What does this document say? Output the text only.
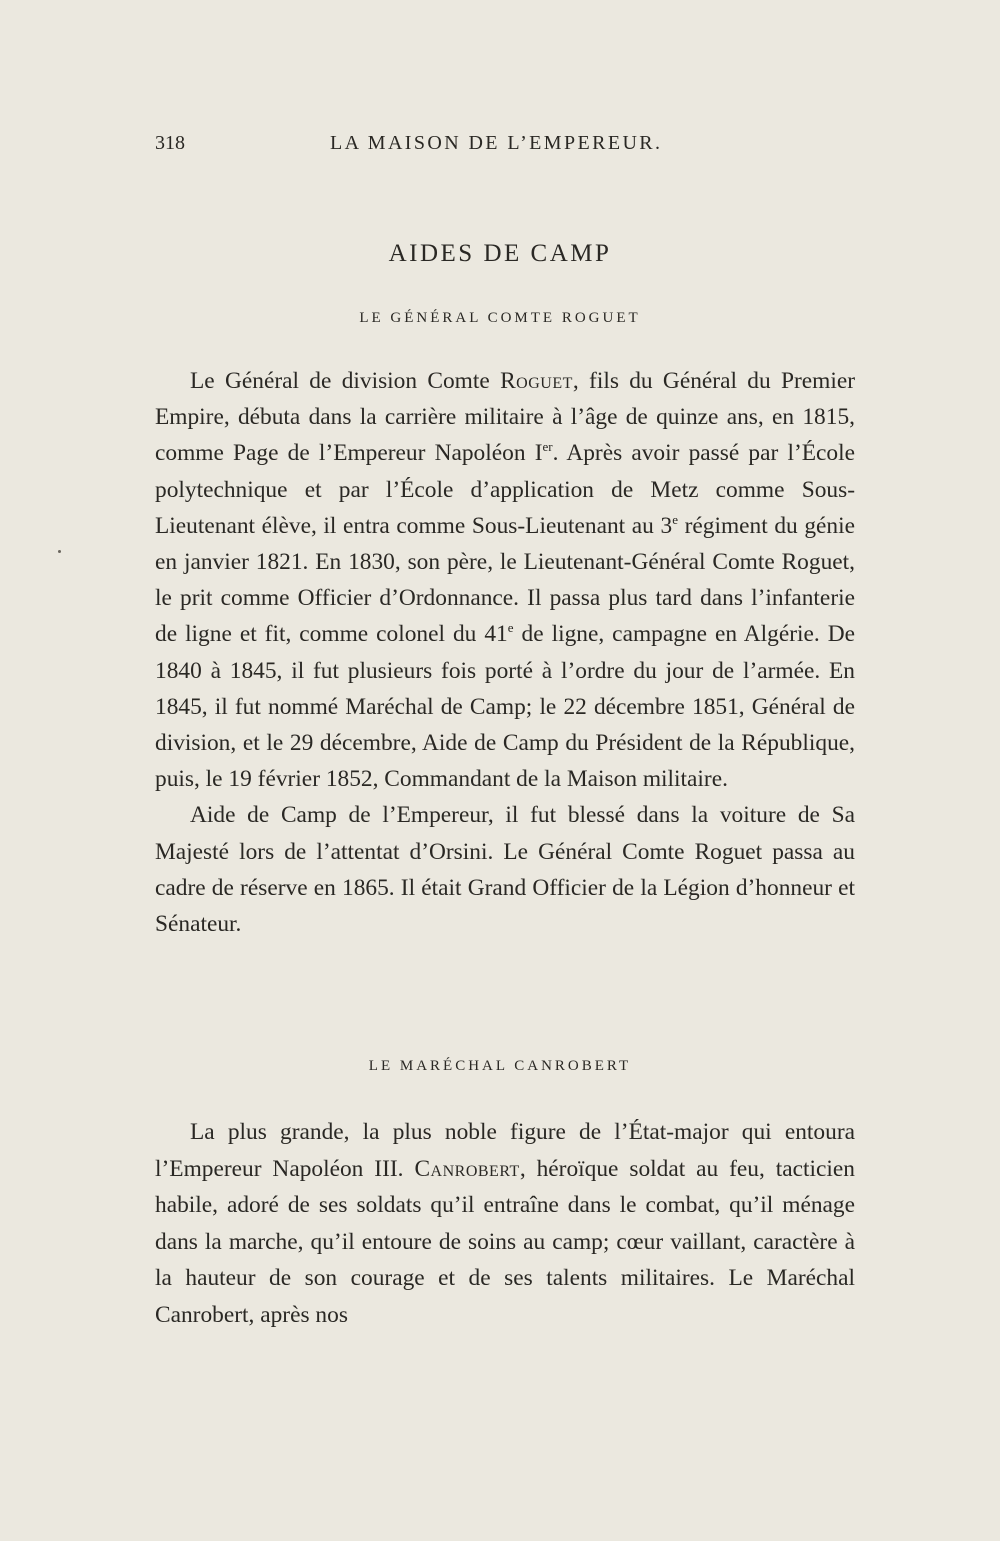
318	LA MAISON DE L’EMPEREUR.
AIDES DE CAMP
LE GÉNÉRAL COMTE ROGUET

Le Général de division Comte Roguet, fils du Général du Premier Empire, débuta dans la carrière militaire à l’âge de quinze ans, en 1815, comme Page de l’Empereur Napoléon Ier. Après avoir passé par l’École polytechnique et par l’École d’application de Metz comme Sous-Lieutenant élève, il entra comme Sous-Lieutenant au 3e régiment du génie en janvier 1821. En 1830, son père, le Lieutenant-Général Comte Roguet, le prit comme Officier d’Ordonnance. Il passa plus tard dans l’infanterie de ligne et fit, comme colonel du 41e de ligne, campagne en Algérie. De 1840 à 1845, il fut plusieurs fois porté à l’ordre du jour de l’armée. En 1845, il fut nommé Maréchal de Camp; le 22 décembre 1851, Général de division, et le 29 décembre, Aide de Camp du Président de la République, puis, le 19 février 1852, Commandant de la Maison militaire.

Aide de Camp de l’Empereur, il fut blessé dans la voiture de Sa Majesté lors de l’attentat d’Orsini. Le Général Comte Roguet passa au cadre de réserve en 1865. Il était Grand Officier de la Légion d’honneur et Sénateur.

LE MARÉCHAL CANROBERT

La plus grande, la plus noble figure de l’État-major qui entoura l’Empereur Napoléon III. Canrobert, héroïque soldat au feu, tacticien habile, adoré de ses soldats qu’il entraîne dans le combat, qu’il ménage dans la marche, qu’il entoure de soins au camp; cœur vaillant, caractère à la hauteur de son courage et de ses talents militaires. Le Maréchal Canrobert, après nos
